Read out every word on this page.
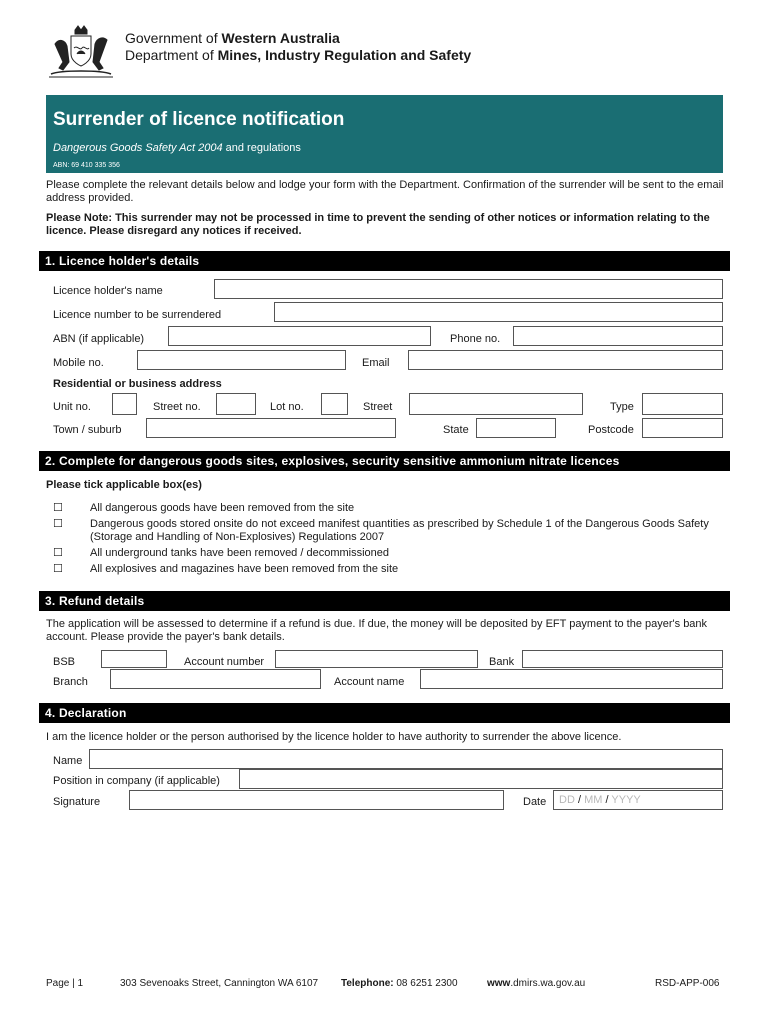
Government of Western Australia
Department of Mines, Industry Regulation and Safety
Surrender of licence notification
Dangerous Goods Safety Act 2004 and regulations
ABN: 69 410 335 356
Please complete the relevant details below and lodge your form with the Department. Confirmation of the surrender will be sent to the email address provided.
Please Note: This surrender may not be processed in time to prevent the sending of other notices or information relating to the licence. Please disregard any notices if received.
1. Licence holder's details
Licence holder's name
Licence number to be surrendered
ABN (if applicable)	Phone no.
Mobile no.	Email
Residential or business address
Unit no.	Street no.	Lot no.	Street	Type
Town / suburb	State	Postcode
2. Complete for dangerous goods sites, explosives, security sensitive ammonium nitrate licences
Please tick applicable box(es)
☐ All dangerous goods have been removed from the site
☐ Dangerous goods stored onsite do not exceed manifest quantities as prescribed by Schedule 1 of the Dangerous Goods Safety (Storage and Handling of Non-Explosives) Regulations 2007
☐ All underground tanks have been removed / decommissioned
☐ All explosives and magazines have been removed from the site
3. Refund details
The application will be assessed to determine if a refund is due. If due, the money will be deposited by EFT payment to the payer's bank account. Please provide the payer's bank details.
BSB	Account number	Bank
Branch	Account name
4. Declaration
I am the licence holder or the person authorised by the licence holder to have authority to surrender the above licence.
Name
Position in company (if applicable)
Signature	Date DD / MM / YYYY
Page | 1	303 Sevenoaks Street, Cannington WA 6107 Telephone: 08 6251 2300	www.dmirs.wa.gov.au	RSD-APP-006
